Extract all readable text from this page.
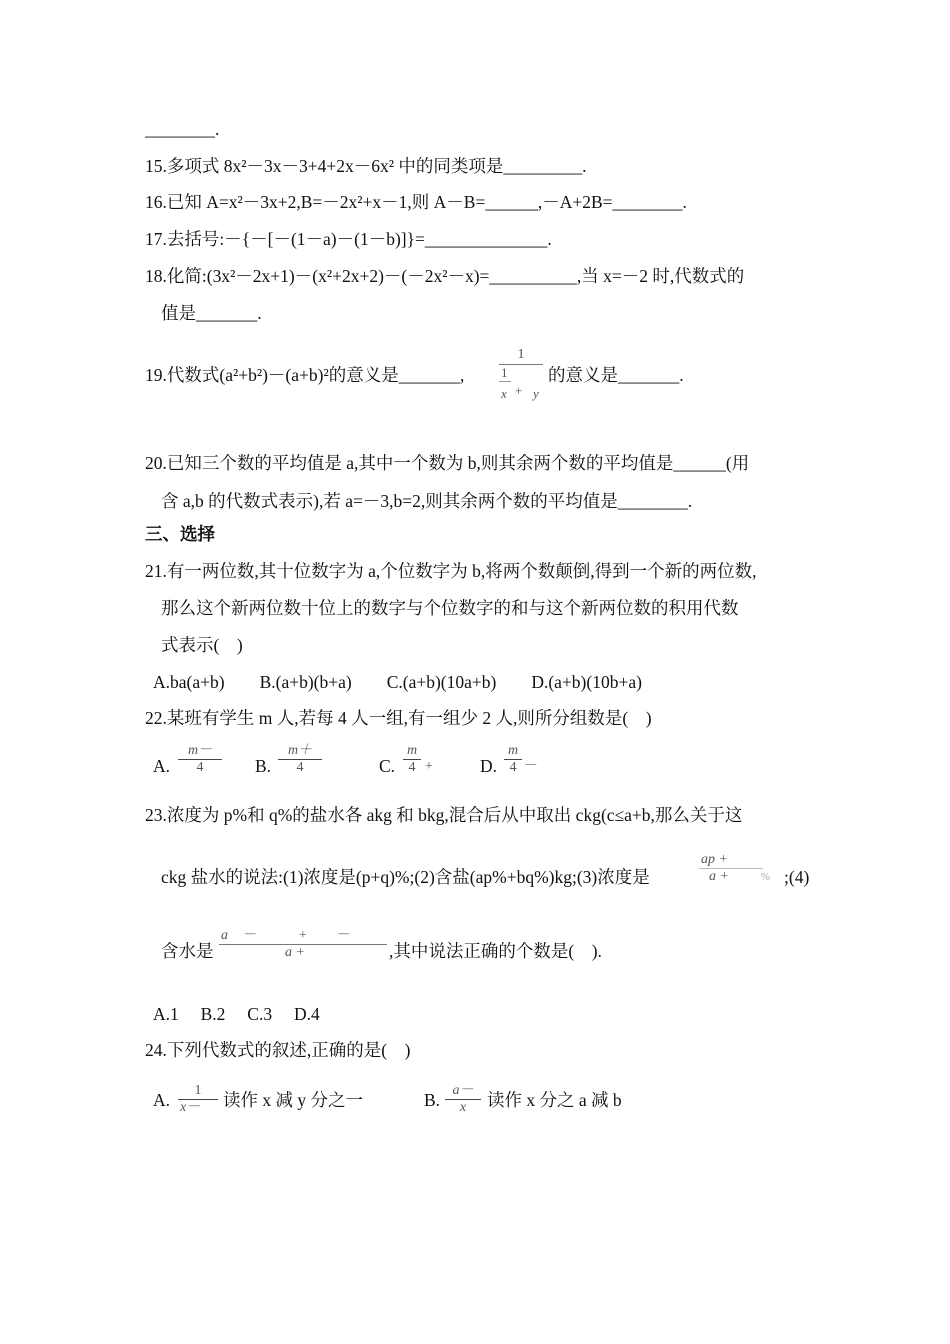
________.
15.多项式 8x²－3x－3+4+2x－6x² 中的同类项是_________.
16.已知 A=x²－3x+2,B=－2x²+x－1,则 A－B=______,－A+2B=________.
17.去括号:－{－[－(1－a)－(1－b)]}=______________.
18.化简:(3x²－2x+1)－(x²+2x+2)－(－2x²－x)=__________,当 x=－2 时,代数式的
值是_______.
19.代数式(a²+b²)－(a+b)²的意义是_______,
1
1
+
x y
的意义是_______.
20.已知三个数的平均值是 a,其中一个数为 b,则其余两个数的平均值是______(用
含 a,b 的代数式表示),若 a=－3,b=2,则其余两个数的平均值是________.
三、选择
21.有一两位数,其十位数字为 a,个位数字为 b,将两个数颠倒,得到一个新的两位数,
那么这个新两位数十位上的数字与个位数字的和与这个新两位数的积用代数
式表示(　)
A.ba(a+b)　　B.(a+b)(b+a)　　C.(a+b)(10a+b)　　D.(a+b)(10b+a)
22.某班有学生 m 人,若每 4 人一组,有一组少 2 人,则所分组数是(　)
A.
m－
4	B.
m＋
4	C.
m
4 +	D.
m
4 －
23.浓度为 p%和 q%的盐水各 akg 和 bkg,混合后从中取出 ckg(c≤a+b,那么关于这
ckg 盐水的说法:(1)浓度是(p+q)%;(2)含盐(ap%+bq%)kg;(3)浓度是
ap +
a +	% ;(4)
含水是
a　－　　　+　　－
a +	,其中说法正确的个数是(　).
A.1　 B.2　 C.3　 D.4
24.下列代数式的叙述,正确的是(　)
A.	1
x－	读作 x 减 y 分之一	B. a－
x	读作 x 分之 a 减 b
